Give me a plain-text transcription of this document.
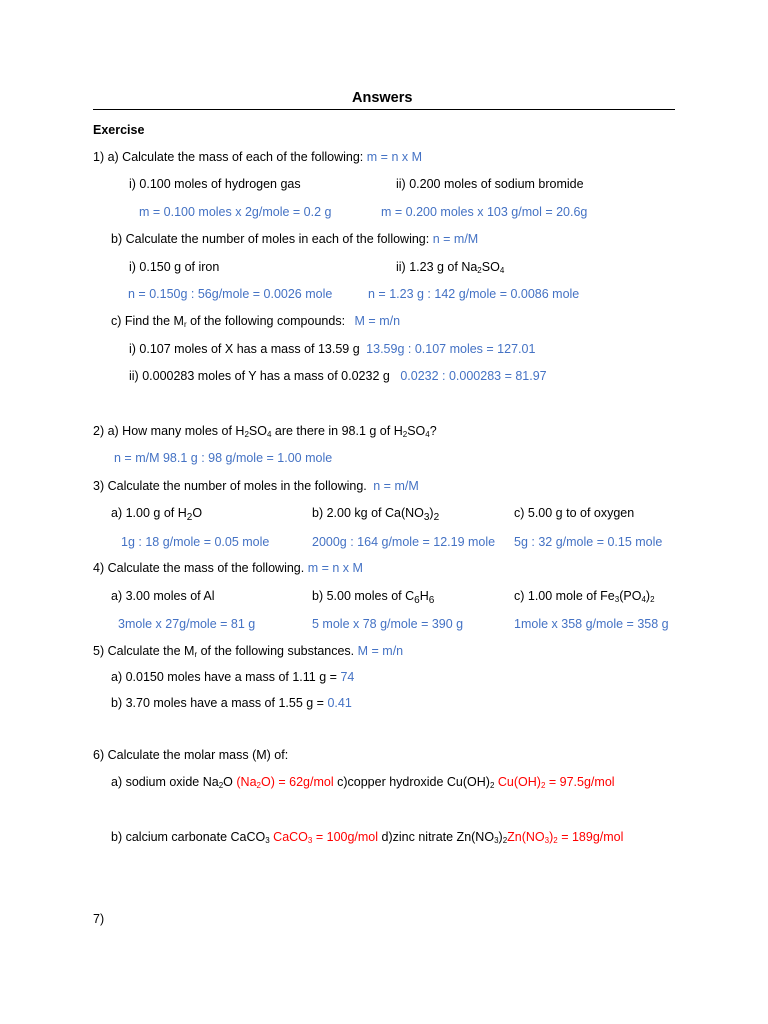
Answers
Exercise
1) a) Calculate the mass of each of the following: m = n x M
i) 0.100 moles of hydrogen gas	ii) 0.200 moles of sodium bromide
m = 0.100 moles x 2g/mole = 0.2 g	m = 0.200 moles x 103 g/mol = 20.6g
b) Calculate the number of moles in each of the following: n = m/M
i) 0.150 g of iron	ii) 1.23 g of $Na_2SO_4$
n = 0.150g : 56g/mole = 0.0026 mole	n = 1.23 g : 142 g/mole = 0.0086 mole
c) Find the $M_r$ of the following compounds: M = m/n
i) 0.107 moles of X has a mass of 13.59 g 13.59g : 0.107 moles = 127.01
ii) 0.000283 moles of Y has a mass of 0.0232 g 0.0232 : 0.000283 = 81.97
2) a) How many moles of $H_2SO_4$ are there in 98.1 g of $H_2SO_4$?
n = m/M 98.1 g : 98 g/mole = 1.00 mole
3) Calculate the number of moles in the following. n = m/M
a) 1.00 g of $H_2O$	b) 2.00 kg of $Ca(NO_3)_2$	c) 5.00 g to of oxygen
1g : 18 g/mole = 0.05 mole	2000g : 164 g/mole = 12.19 mole 5g : 32 g/mole = 0.15 mole
4) Calculate the mass of the following. m = n x M
a) 3.00 moles of Al	b) 5.00 moles of $C_6H_6$	c) 1.00 mole of $Fe_3(PO_4)_2$
3mole x 27g/mole = 81 g	5 mole x 78 g/mole = 390 g	1mole x 358 g/mole = 358 g
5) Calculate the $M_r$ of the following substances. M = m/n
a) 0.0150 moles have a mass of 1.11 g = 74
b) 3.70 moles have a mass of 1.55 g = 0.41
6) Calculate the molar mass (M) of:
a) sodium oxide $Na_2O$ $(Na_2O) = 62g/mol$ c)copper hydroxide $Cu(OH)_2$ $Cu(OH)_2 = 97.5g/mol$
b) calcium carbonate CaCO$_3$ CaCO$_3$ = 100g/mol d)zinc nitrate $Zn(NO_3)_2Zn(NO_3)_2 = 189g/mol$
7)
